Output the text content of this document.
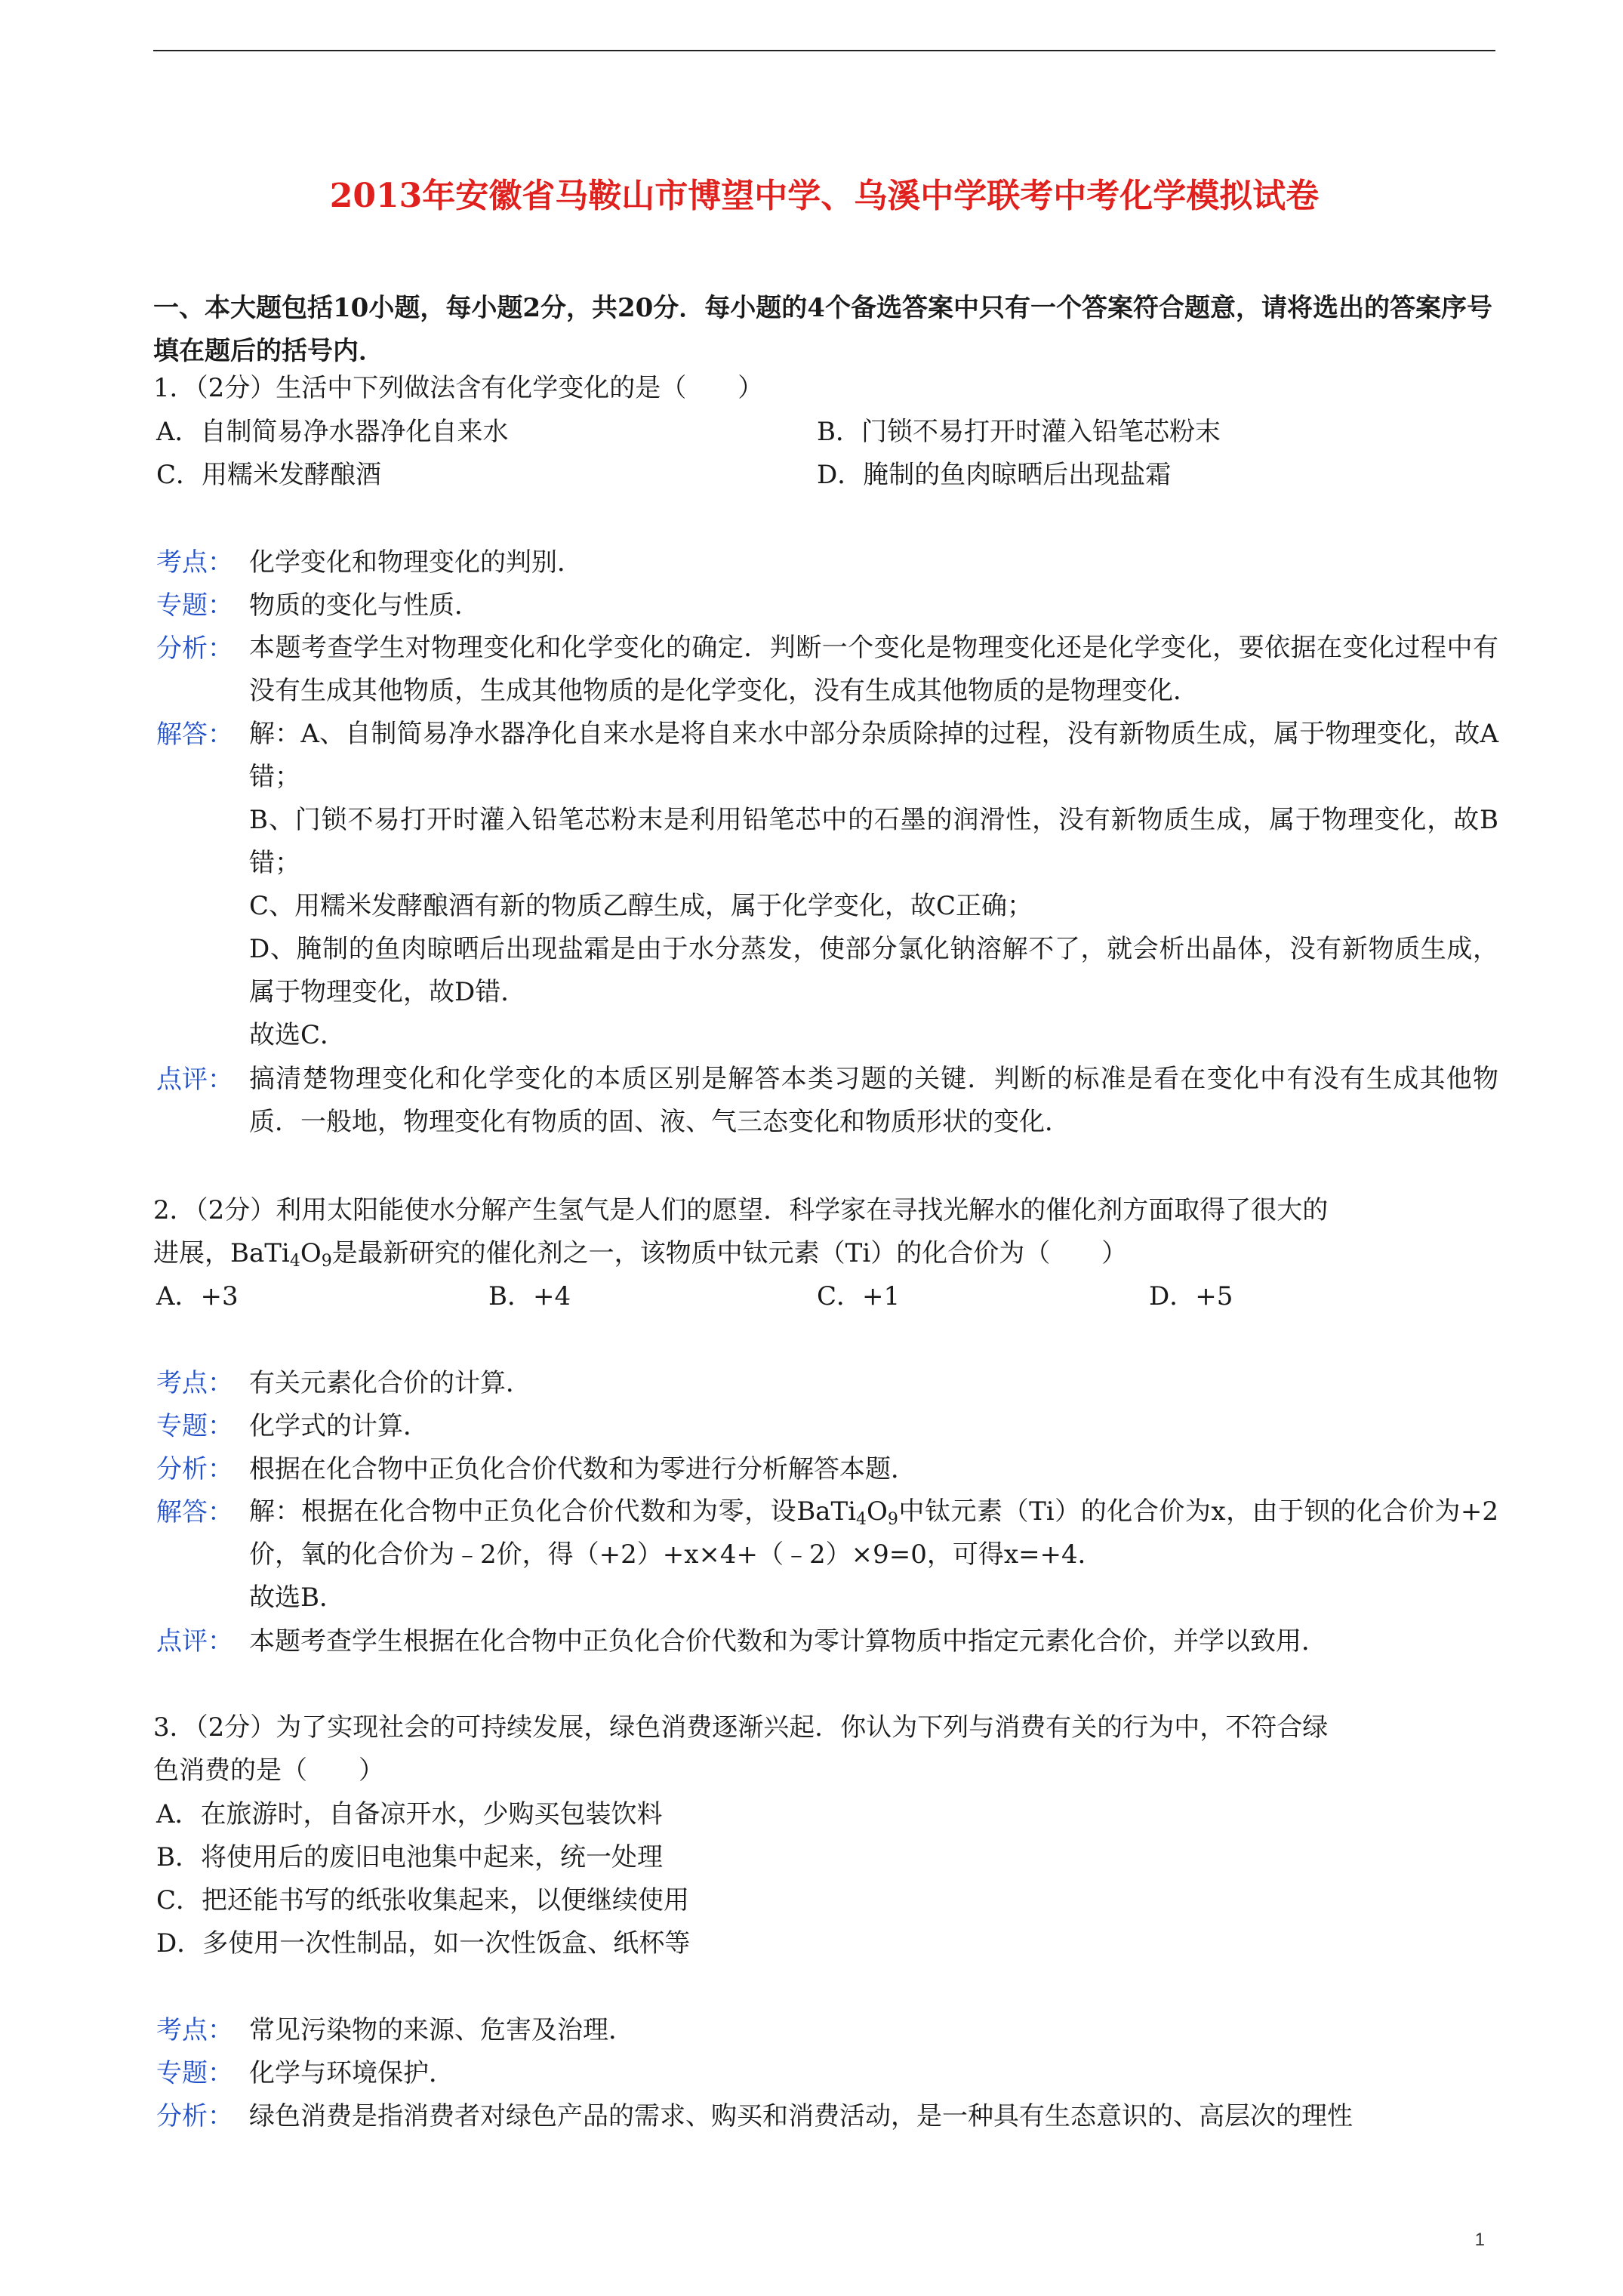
2013年安徽省马鞍山市博望中学、乌溪中学联考中考化学模拟试卷
一、本大题包括10小题，每小题2分，共20分．每小题的4个备选答案中只有一个答案符合题意，请将选出的答案序号填在题后的括号内．
1．（2分）生活中下列做法含有化学变化的是（　　）
A．自制简易净水器净化自来水	B．门锁不易打开时灌入铅笔芯粉末
C．用糯米发酵酿酒	D．腌制的鱼肉晾晒后出现盐霜
考点： 化学变化和物理变化的判别．
专题： 物质的变化与性质．
分析： 本题考查学生对物理变化和化学变化的确定．判断一个变化是物理变化还是化学变化，要依据在变化过程中有没有生成其他物质，生成其他物质的是化学变化，没有生成其他物质的是物理变化．
解答： 解：A、自制简易净水器净化自来水是将自来水中部分杂质除掉的过程，没有新物质生成，属于物理变化，故A错；
B、门锁不易打开时灌入铅笔芯粉末是利用铅笔芯中的石墨的润滑性，没有新物质生成，属于物理变化，故B错；
C、用糯米发酵酿酒有新的物质乙醇生成，属于化学变化，故C正确；
D、腌制的鱼肉晾晒后出现盐霜是由于水分蒸发，使部分氯化钠溶解不了，就会析出晶体，没有新物质生成，属于物理变化，故D错．
故选C．
点评： 搞清楚物理变化和化学变化的本质区别是解答本类习题的关键．判断的标准是看在变化中有没有生成其他物质．一般地，物理变化有物质的固、液、气三态变化和物质形状的变化．
2．（2分）利用太阳能使水分解产生氢气是人们的愿望．科学家在寻找光解水的催化剂方面取得了很大的
进展，$BaTi_4O_9$是最新研究的催化剂之一，该物质中钛元素（Ti）的化合价为（　　）
A．+3	B．+4	C．+1	D．+5
考点： 有关元素化合价的计算．
专题： 化学式的计算．
分析： 根据在化合物中正负化合价代数和为零进行分析解答本题．
解答： 解：根据在化合物中正负化合价代数和为零，设$BaTi_4O_9$中钛元素（Ti）的化合价为x，由于钡的化合价为+2价，氧的化合价为﹣2价，得（+2）+x×4+（﹣2）×9=0，可得x=+4．
故选B．
点评： 本题考查学生根据在化合物中正负化合价代数和为零计算物质中指定元素化合价，并学以致用．
3．（2分）为了实现社会的可持续发展，绿色消费逐渐兴起．你认为下列与消费有关的行为中，不符合绿
色消费的是（　　）
A．在旅游时，自备凉开水，少购买包装饮料
B．将使用后的废旧电池集中起来，统一处理
C．把还能书写的纸张收集起来，以便继续使用
D．多使用一次性制品，如一次性饭盒、纸杯等
考点： 常见污染物的来源、危害及治理．
专题： 化学与环境保护．
分析： 绿色消费是指消费者对绿色产品的需求、购买和消费活动，是一种具有生态意识的、高层次的理性
1
